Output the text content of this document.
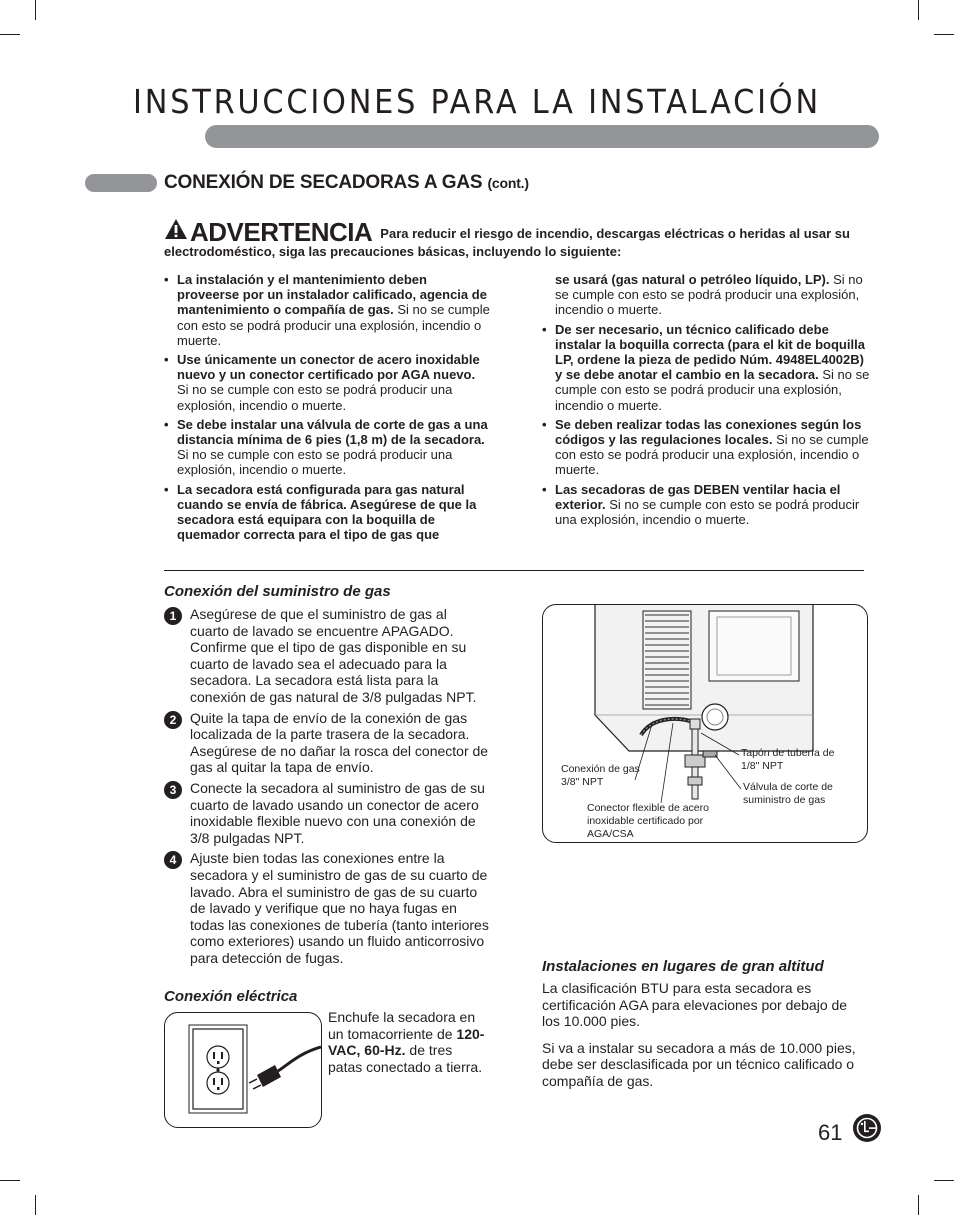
INSTRUCCIONES PARA LA INSTALACIÓN
CONEXIÓN DE SECADORAS A GAS (cont.)
ADVERTENCIA Para reducir el riesgo de incendio, descargas eléctricas o heridas al usar su electrodoméstico, siga las precauciones básicas, incluyendo lo siguiente:
• La instalación y el mantenimiento deben proveerse por un instalador calificado, agencia de mantenimiento o compañía de gas. Si no se cumple con esto se podrá producir una explosión, incendio o muerte.
• Use únicamente un conector de acero inoxidable nuevo y un conector certificado por AGA nuevo. Si no se cumple con esto se podrá producir una explosión, incendio o muerte.
• Se debe instalar una válvula de corte de gas a una distancia mínima de 6 pies (1,8 m) de la secadora. Si no se cumple con esto se podrá producir una explosión, incendio o muerte.
• La secadora está configurada para gas natural cuando se envía de fábrica. Asegúrese de que la secadora está equipara con la boquilla de quemador correcta para el tipo de gas que
se usará (gas natural o petróleo líquido, LP). Si no se cumple con esto se podrá producir una explosión, incendio o muerte.
• De ser necesario, un técnico calificado debe instalar la boquilla correcta (para el kit de boquilla LP, ordene la pieza de pedido Núm. 4948EL4002B) y se debe anotar el cambio en la secadora. Si no se cumple con esto se podrá producir una explosión, incendio o muerte.
• Se deben realizar todas las conexiones según los códigos y las regulaciones locales. Si no se cumple con esto se podrá producir una explosión, incendio o muerte.
• Las secadoras de gas DEBEN ventilar hacia el exterior. Si no se cumple con esto se podrá producir una explosión, incendio o muerte.
Conexión del suministro de gas
1 Asegúrese de que el suministro de gas al cuarto de lavado se encuentre APAGADO. Confirme que el tipo de gas disponible en su cuarto de lavado sea el adecuado para la secadora. La secadora está lista para la conexión de gas natural de 3/8 pulgadas NPT.
2 Quite la tapa de envío de la conexión de gas localizada de la parte trasera de la secadora. Asegúrese de no dañar la rosca del conector de gas al quitar la tapa de envío.
3 Conecte la secadora al suministro de gas de su cuarto de lavado usando un conector de acero inoxidable flexible nuevo con una conexión de 3/8 pulgadas NPT.
4 Ajuste bien todas las conexiones entre la secadora y el suministro de gas de su cuarto de lavado. Abra el suministro de gas de su cuarto de lavado y verifique que no haya fugas en todas las conexiones de tubería (tanto interiores como exteriores) usando un fluido anticorrosivo para detección de fugas.
Conexión de gas 3/8" NPT
Tapón de tubería de 1/8" NPT
Válvula de corte de suministro de gas
Conector flexible de acero inoxidable certificado por AGA/CSA
Conexión eléctrica
Enchufe la secadora en un tomacorriente de 120-VAC, 60-Hz. de tres patas conectado a tierra.
Instalaciones en lugares de gran altitud

La clasificación BTU para esta secadora es certificación AGA para elevaciones por debajo de los 10.000 pies.

Si va a instalar su secadora a más de 10.000 pies, debe ser desclasificada por un técnico calificado o compañía de gas.

61
